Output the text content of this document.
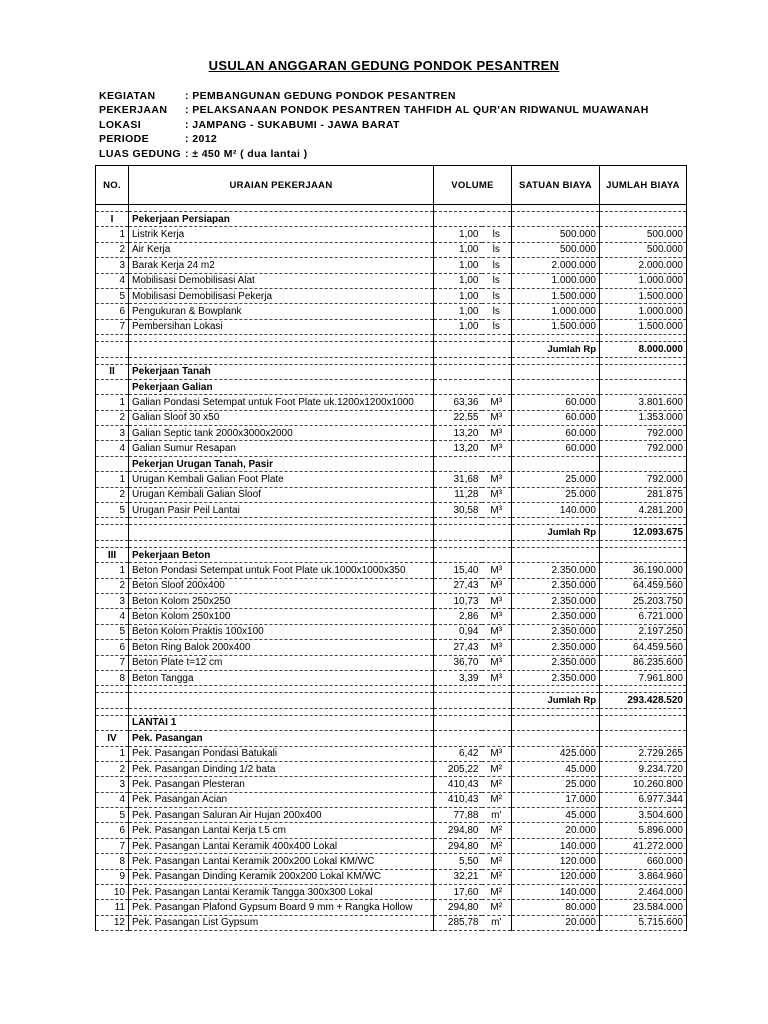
USULAN ANGGARAN GEDUNG PONDOK PESANTREN
KEGIATAN	: PEMBANGUNAN GEDUNG PONDOK PESANTREN
PEKERJAAN : PELAKSANAAN PONDOK PESANTREN TAHFIDH AL QUR'AN RIDWANUL MUAWANAH
LOKASI	: JAMPANG - SUKABUMI - JAWA BARAT
PERIODE	: 2012
LUAS GEDUNG : ± 450 M² ( dua lantai )
NO.	URAIAN PEKERJAAN	VOLUME		SATUAN BIAYA	JUMLAH BIAYA

I	Pekerjaan Persiapan				
1	Listrik Kerja	1,00	ls	500.000	500.000
2	Air Kerja	1,00	ls	500.000	500.000
3	Barak Kerja 24 m2	1,00	ls	2.000.000	2.000.000
4	Mobilisasi Demobilisasi Alat	1,00	ls	1.000.000	1.000.000
5	Mobilisasi Demobilisasi Pekerja	1,00	ls	1.500.000	1.500.000
6	Pengukuran & Bowplank	1,00	ls	1.000.000	1.000.000
7	Pembersihan Lokasi	1,00	ls	1.500.000	1.500.000

				Jumlah Rp	8.000.000

II	Pekerjaan Tanah				
	Pekerjaan Galian				
1	Galian Pondasi Setempat untuk Foot Plate uk.1200x1200x1000	63,36	M³	60.000	3.801.600
2	Galian Sloof 30 x50	22,55	M³	60.000	1.353.000
3	Galian Septic tank 2000x3000x2000	13,20	M³	60.000	792.000
4	Galian Sumur Resapan	13,20	M³	60.000	792.000
	Pekerjan Urugan Tanah, Pasir				
1	Urugan Kembali Galian Foot Plate	31,68	M³	25.000	792.000
2	Urugan Kembali Galian Sloof	11,28	M³	25.000	281.875
5	Urugan Pasir Peil Lantai	30,58	M³	140.000	4.281.200

				Jumlah Rp	12.093.675

III	Pekerjaan Beton				
1	Beton Pondasi Setempat untuk Foot Plate uk.1000x1000x350	15,40	M³	2.350.000	36.190.000
2	Beton Sloof 200x400	27,43	M³	2.350.000	64.459.560
3	Beton Kolom 250x250	10,73	M³	2.350.000	25.203.750
4	Beton Kolom 250x100	2,86	M³	2.350.000	6.721.000
5	Beton Kolom Praktis 100x100	0,94	M³	2.350.000	2.197.250
6	Beton Ring Balok 200x400	27,43	M³	2.350.000	64.459.560
7	Beton Plate t=12 cm	36,70	M³	2.350.000	86.235.600
8	Beton Tangga	3,39	M³	2.350.000	7.961.800

				Jumlah Rp	293.428.520

	LANTAI 1				
IV	Pek. Pasangan				
1	Pek. Pasangan Pondasi Batukali	6,42	M³	425.000	2.729.265
2	Pek. Pasangan Dinding 1/2 bata	205,22	M²	45.000	9.234.720
3	Pek. Pasangan Plesteran	410,43	M²	25.000	10.260.800
4	Pek. Pasangan Acian	410,43	M²	17.000	6.977.344
5	Pek. Pasangan Saluran Air Hujan 200x400	77,88	m'	45.000	3.504.600
6	Pek. Pasangan Lantai Kerja t.5 cm	294,80	M²	20.000	5.896.000
7	Pek. Pasangan Lantai Keramik 400x400 Lokal	294,80	M²	140.000	41.272.000
8	Pek. Pasangan Lantai Keramik 200x200 Lokal KM/WC	5,50	M²	120.000	660.000
9	Pek. Pasangan Dinding Keramik 200x200 Lokal KM/WC	32,21	M²	120.000	3.864.960
10	Pek. Pasangan Lantai Keramik Tangga 300x300 Lokal	17,60	M²	140.000	2.464.000
11	Pek. Pasangan Plafond Gypsum Board 9 mm + Rangka Hollow	294,80	M²	80.000	23.584.000
12	Pek. Pasangan List Gypsum	285,78	m'	20.000	5.715.600
